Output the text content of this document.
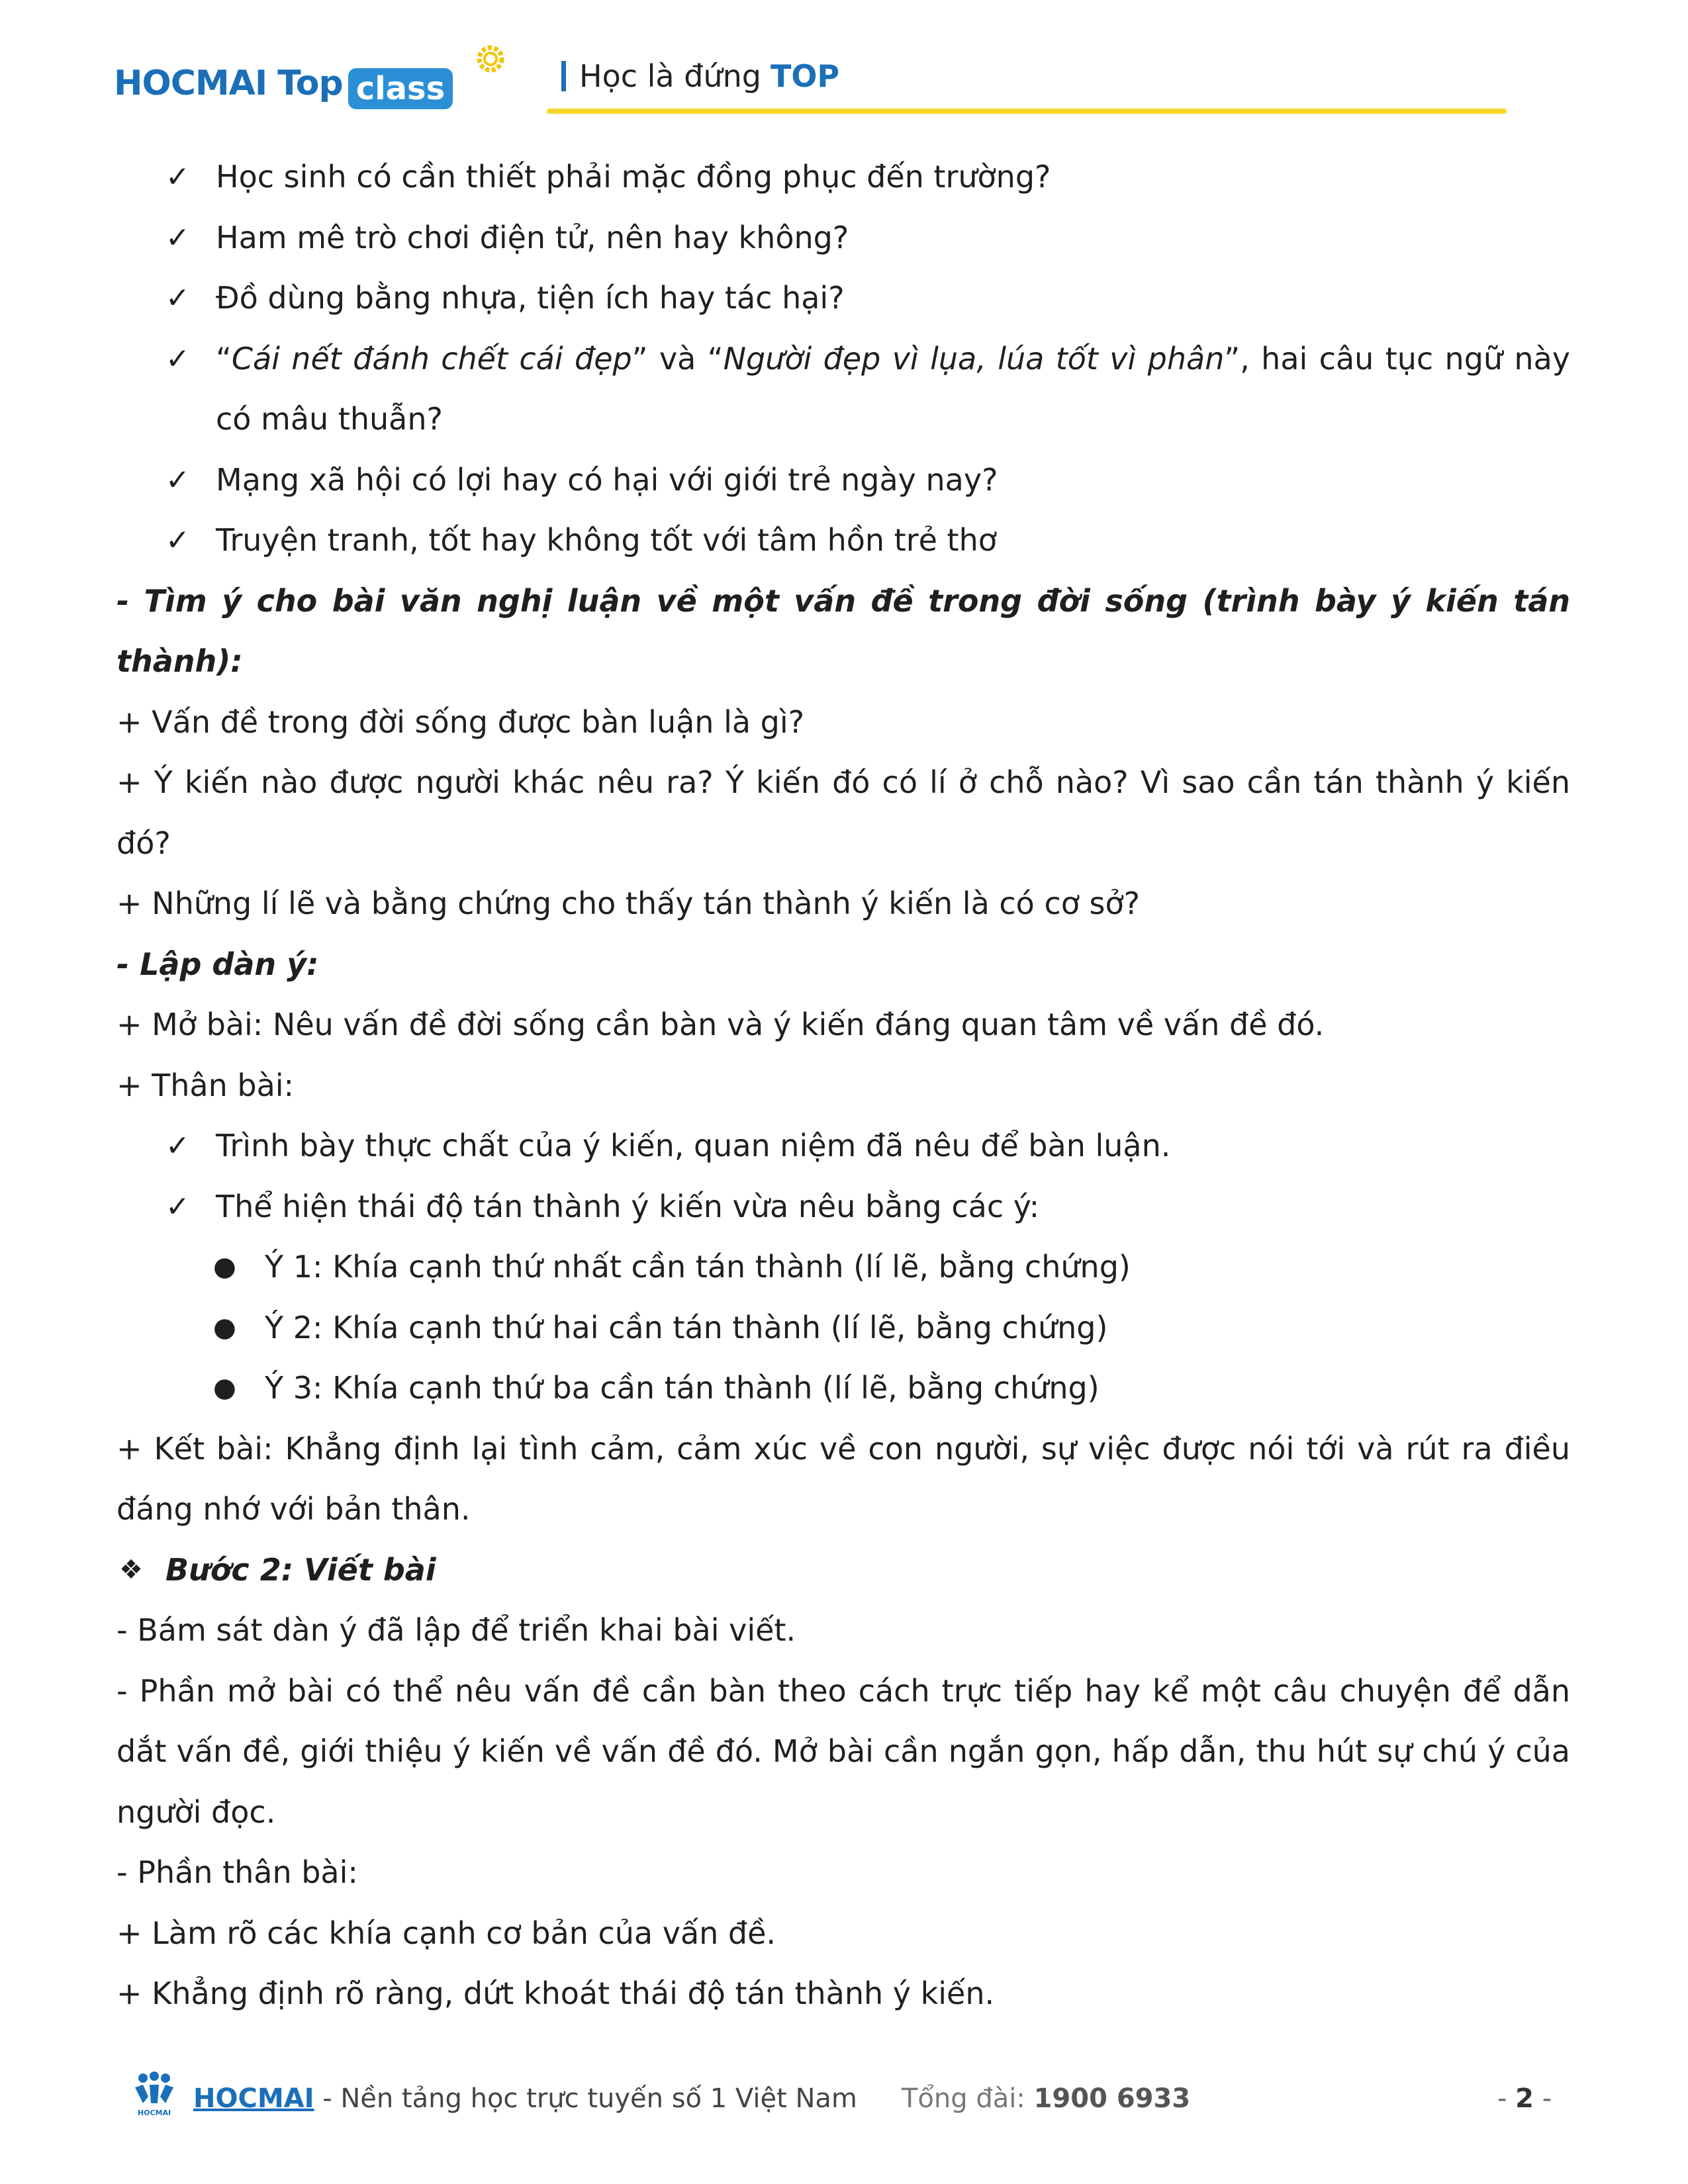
HOCMAI Top class	Học là đứng TOP
✓ Học sinh có cần thiết phải mặc đồng phục đến trường?
✓ Ham mê trò chơi điện tử, nên hay không?
✓ Đồ dùng bằng nhựa, tiện ích hay tác hại?
✓ “Cái nết đánh chết cái đẹp” và “Người đẹp vì lụa, lúa tốt vì phân”, hai câu tục ngữ này có mâu thuẫn?
✓ Mạng xã hội có lợi hay có hại với giới trẻ ngày nay?
✓ Truyện tranh, tốt hay không tốt với tâm hồn trẻ thơ
- Tìm ý cho bài văn nghị luận về một vấn đề trong đời sống (trình bày ý kiến tán thành):
+ Vấn đề trong đời sống được bàn luận là gì?
+ Ý kiến nào được người khác nêu ra? Ý kiến đó có lí ở chỗ nào? Vì sao cần tán thành ý kiến đó?
+ Những lí lẽ và bằng chứng cho thấy tán thành ý kiến là có cơ sở?
- Lập dàn ý:
+ Mở bài: Nêu vấn đề đời sống cần bàn và ý kiến đáng quan tâm về vấn đề đó.
+ Thân bài:
✓ Trình bày thực chất của ý kiến, quan niệm đã nêu để bàn luận.
✓ Thể hiện thái độ tán thành ý kiến vừa nêu bằng các ý:
● Ý 1: Khía cạnh thứ nhất cần tán thành (lí lẽ, bằng chứng)
● Ý 2: Khía cạnh thứ hai cần tán thành (lí lẽ, bằng chứng)
● Ý 3: Khía cạnh thứ ba cần tán thành (lí lẽ, bằng chứng)
+ Kết bài: Khẳng định lại tình cảm, cảm xúc về con người, sự việc được nói tới và rút ra điều đáng nhớ với bản thân.
❖ Bước 2: Viết bài
- Bám sát dàn ý đã lập để triển khai bài viết.
- Phần mở bài có thể nêu vấn đề cần bàn theo cách trực tiếp hay kể một câu chuyện để dẫn dắt vấn đề, giới thiệu ý kiến về vấn đề đó. Mở bài cần ngắn gọn, hấp dẫn, thu hút sự chú ý của người đọc.
- Phần thân bài:
+ Làm rõ các khía cạnh cơ bản của vấn đề.
+ Khẳng định rõ ràng, dứt khoát thái độ tán thành ý kiến.
HOCMAI HOCMAI - Nền tảng học trực tuyến số 1 Việt Nam Tổng đài: 1900 6933	- 2 -
